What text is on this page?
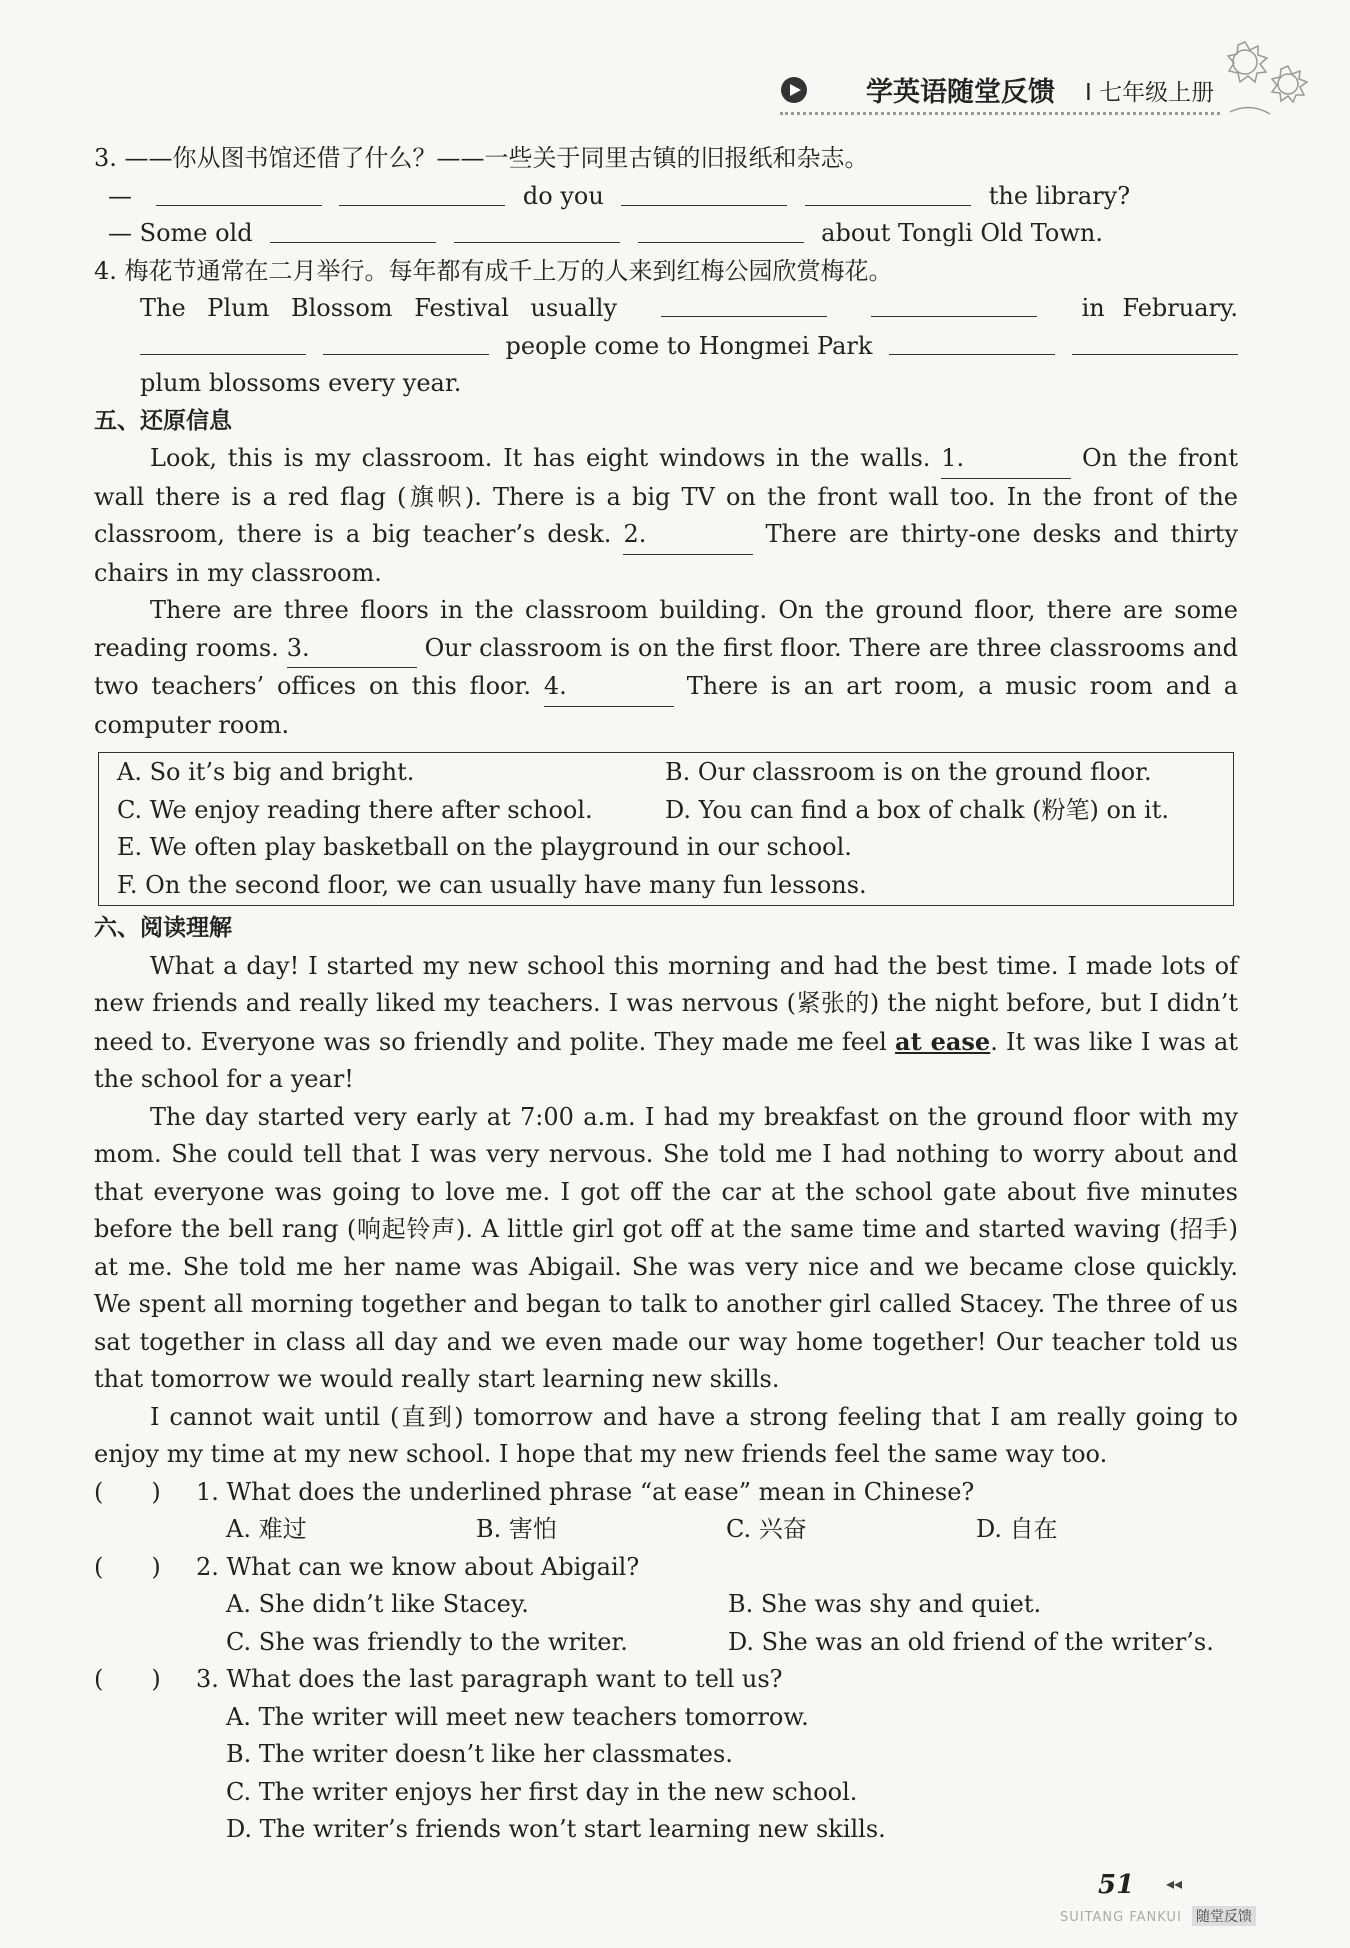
学英语随堂反馈 Ⅰ 七年级上册
3. ——你从图书馆还借了什么？——一些关于同里古镇的旧报纸和杂志。
—	do you	the library?
— Some old	about Tongli Old Town.
4. 梅花节通常在二月举行。每年都有成千上万的人来到红梅公园欣赏梅花。
The Plum Blossom Festival usually	in February.
people come to Hongmei Park
plum blossoms every year.
五、还原信息

Look, this is my classroom. It has eight windows in the walls. 1.	On the front wall there is a red flag (旗帜). There is a big TV on the front wall too. In the front of the classroom, there is a big teacher’s desk. 2.	There are thirty-one desks and thirty chairs in my classroom.

There are three floors in the classroom building. On the ground floor, there are some reading rooms. 3.	Our classroom is on the first floor. There are three classrooms and two teachers’ offices on this floor. 4.	There is an art room, a music room and a computer room.

A. So it’s big and bright.	B. Our classroom is on the ground floor.
C. We enjoy reading there after school.	D. You can find a box of chalk (粉笔) on it.
E. We often play basketball on the playground in our school.
F. On the second floor, we can usually have many fun lessons.
六、阅读理解

What a day! I started my new school this morning and had the best time. I made lots of new friends and really liked my teachers. I was nervous (紧张的) the night before, but I didn’t need to. Everyone was so friendly and polite. They made me feel at ease. It was like I was at the school for a year!

The day started very early at 7:00 a.m. I had my breakfast on the ground floor with my mom. She could tell that I was very nervous. She told me I had nothing to worry about and that everyone was going to love me. I got off the car at the school gate about five minutes before the bell rang (响起铃声). A little girl got off at the same time and started waving (招手) at me. She told me her name was Abigail. She was very nice and we became close quickly. We spent all morning together and began to talk to another girl called Stacey. The three of us sat together in class all day and we even made our way home together! Our teacher told us that tomorrow we would really start learning new skills.

I cannot wait until (直到) tomorrow and have a strong feeling that I am really going to enjoy my time at my new school. I hope that my new friends feel the same way too.

(　　)	1. What does the underlined phrase “at ease” mean in Chinese?
A. 难过	B. 害怕	C. 兴奋	D. 自在
(　　)	2. What can we know about Abigail?
A. She didn’t like Stacey.	B. She was shy and quiet.
C. She was friendly to the writer.	D. She was an old friend of the writer’s.
(　　)	3. What does the last paragraph want to tell us?
A. The writer will meet new teachers tomorrow.
B. The writer doesn’t like her classmates.
C. The writer enjoys her first day in the new school.
D. The writer’s friends won’t start learning new skills.
51 ◂◂
SUITANG FANKUI 随堂反馈
